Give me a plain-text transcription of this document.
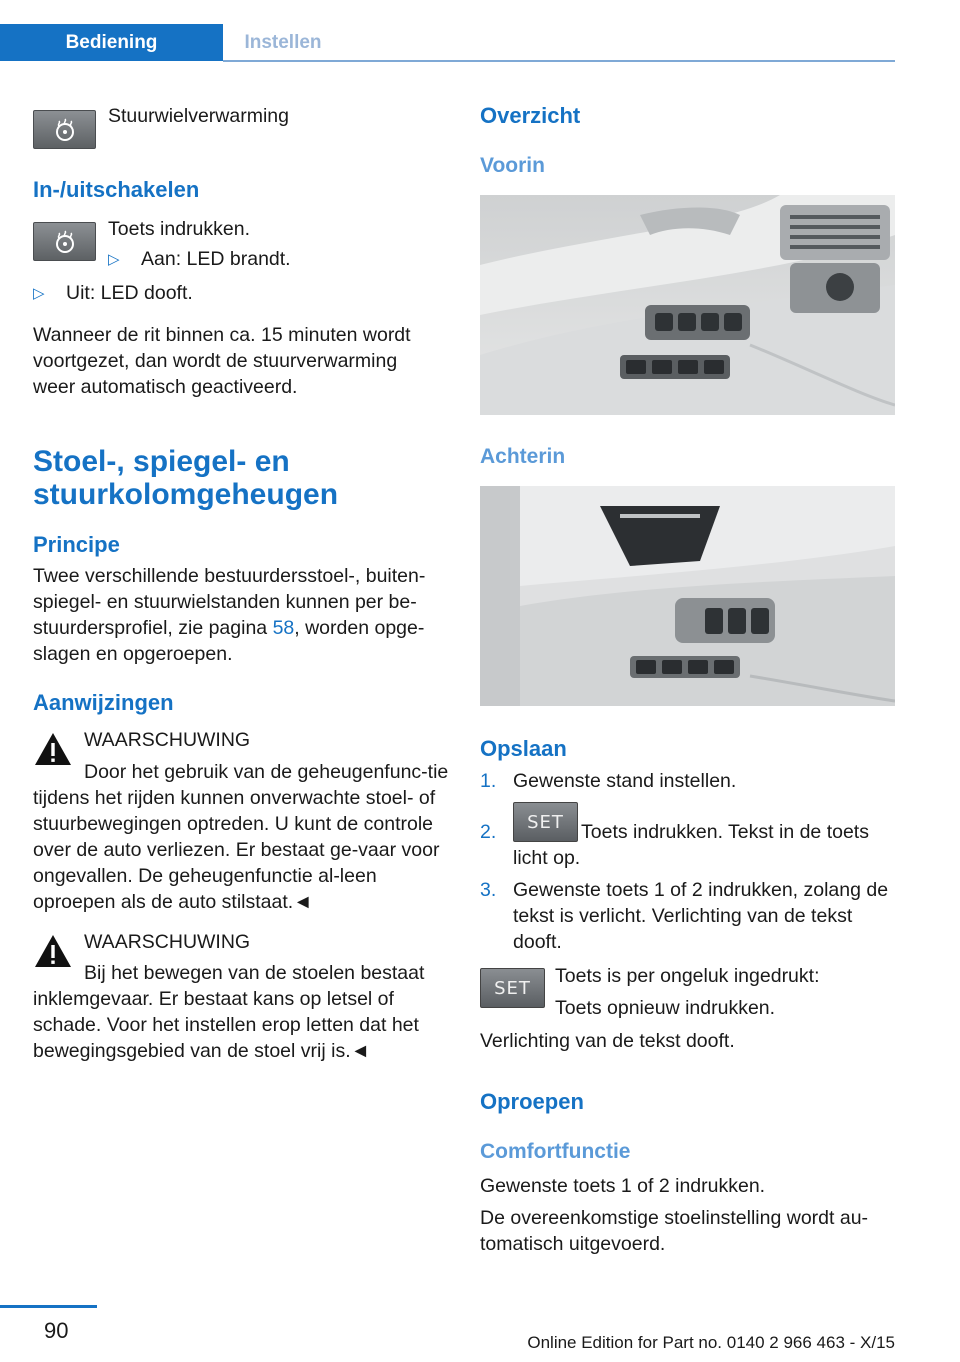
Bediening	Instellen
Stuurwielverwarming
In-/uitschakelen
Toets indrukken.
▷ Aan: LED brandt.
▷ Uit: LED dooft.
Wanneer de rit binnen ca. 15 minuten wordt voortgezet, dan wordt de stuurverwarming weer automatisch geactiveerd.
Stoel-, spiegel- en
stuurkolomgeheugen
Principe
Twee verschillende bestuurdersstoel-, buiten-spiegel- en stuurwielstanden kunnen per be-stuurdersprofiel, zie pagina 58, worden opge-slagen en opgeroepen.
Aanwijzingen
WAARSCHUWING
Door het gebruik van de geheugenfunc-tie tijdens het rijden kunnen onverwachte stoel- of stuurbewegingen optreden. U kunt de controle over de auto verliezen. Er bestaat ge-vaar voor ongevallen. De geheugenfunctie al-leen oproepen als de auto stilstaat.◄
WAARSCHUWING
Bij het bewegen van de stoelen bestaat inklemgevaar. Er bestaat kans op letsel of schade. Voor het instellen erop letten dat het bewegingsgebied van de stoel vrij is.◄
Overzicht
Voorin
Achterin
Opslaan
1. Gewenste stand instellen.
2.	SET Toets indrukken. Tekst in de toets licht op.
3. Gewenste toets 1 of 2 indrukken, zolang de tekst is verlicht. Verlichting van de tekst dooft.
SET
Toets is per ongeluk ingedrukt:
Toets opnieuw indrukken.
Verlichting van de tekst dooft.
Oproepen
Comfortfunctie
Gewenste toets 1 of 2 indrukken.
De overeenkomstige stoelinstelling wordt au-tomatisch uitgevoerd.
90	Online Edition for Part no. 0140 2 966 463 - X/15
